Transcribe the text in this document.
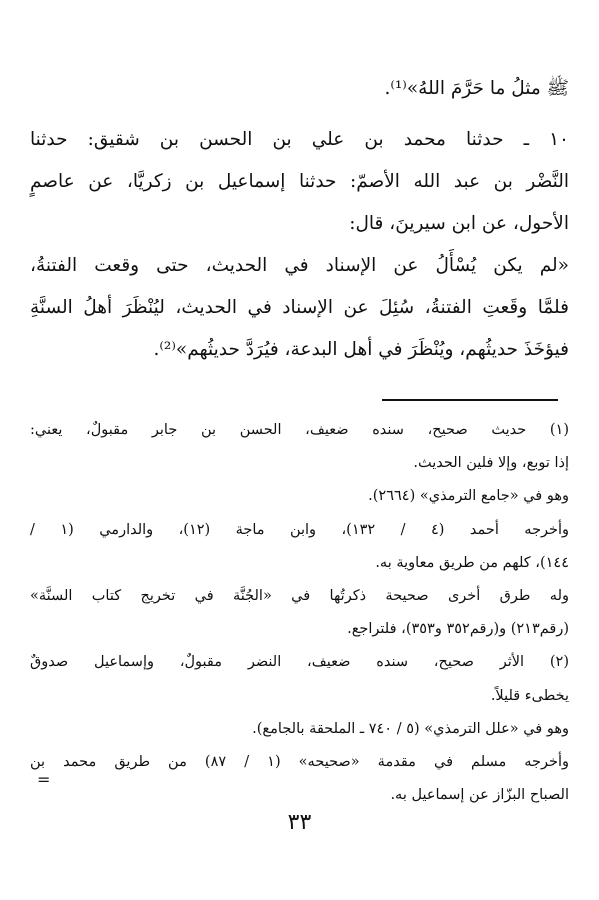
ﷺ مثلُ ما حَرَّمَ اللهُ»⁽¹⁾.
١٠ ـ حدثنا محمد بن علي بن الحسن بن شقيق: حدثنا
النَّضْر بن عبد الله الأصمّ: حدثنا إسماعيل بن زكريَّا، عن عاصمٍ
الأحول، عن ابن سيرينَ، قال:
«لم يكن يُسْأَلُ عن الإسناد في الحديث، حتى وقعت الفتنةُ،
فلمَّا وقَعتِ الفتنةُ، سُئِلَ عن الإسناد في الحديث، ليُنْظَرَ أهلُ السنَّةِ
فيؤخَذَ حديثُهم، ويُنْظَرَ في أهل البدعة، فيُرَدَّ حديثُهم»⁽²⁾.
(١) حديث صحيح، سنده ضعيف، الحسن بن جابر مقبولٌ، يعني:
إذا توبع، وإلا فلين الحديث.
وهو في «جامع الترمذي» (٢٦٦٤).
وأخرجه أحمد (٤ / ١٣٢)، وابن ماجة (١٢)، والدارمي (١ /
١٤٤)، كلهم من طريق معاوية به.
وله طرق أخرى صحيحة ذكرتُها في «الجُنَّة في تخريج كتاب السنَّة»
(رقم٢١٣) و(رقم٣٥٢ و٣٥٣)، فلتراجع.
(٢) الأثر صحيح، سنده ضعيف، النضر مقبولٌ، وإسماعيل صدوقٌ
يخطىء قليلاً.
وهو في «علل الترمذي» (٥ / ٧٤٠ ـ الملحقة بالجامع).
وأخرجه مسلم في مقدمة «صحيحه» (١ / ٨٧) من طريق محمد بن
الصباح البزّاز عن إسماعيل به.
=
٣٣
